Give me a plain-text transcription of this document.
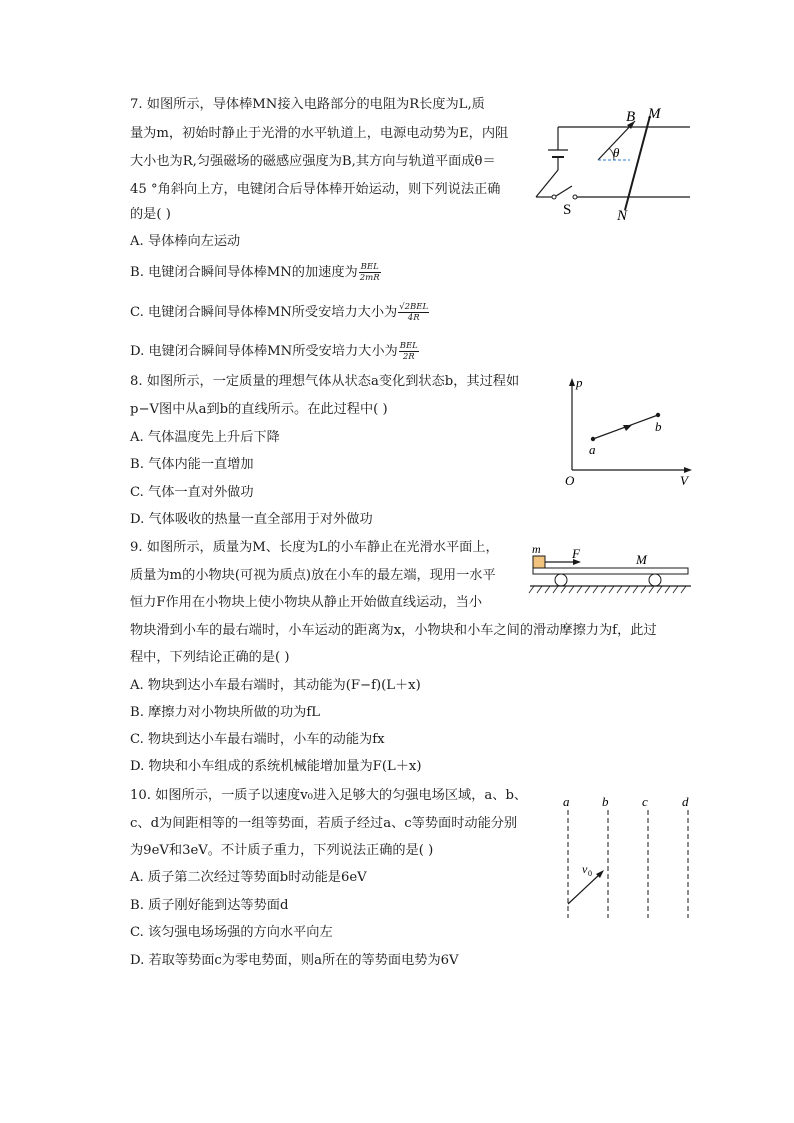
7. 如图所示，导体棒MN接入电路部分的电阻为R长度为L,质
量为m，初始时静止于光滑的水平轨道上，电源电动势为E，内阻
大小也为R,匀强磁场的磁感应强度为B,其方向与轨道平面成θ＝
45 °角斜向上方，电键闭合后导体棒开始运动，则下列说法正确
的是( )
A. 导体棒向左运动
B. 电键闭合瞬间导体棒MN的加速度为 $\frac{\text{BEL}}{2mR}$
C. 电键闭合瞬间导体棒MN所受安培力大小为 $\frac{\text{√2BEL}}{4R}$
D. 电键闭合瞬间导体棒MN所受安培力大小为 $\frac{\text{BEL}}{2R}$
B M
θ
S	N
8. 如图所示，一定质量的理想气体从状态a变化到状态b，其过程如
p−V图中从a到b的直线所示。在此过程中( )
A. 气体温度先上升后下降
B. 气体内能一直增加
C. 气体一直对外做功
D. 气体吸收的热量一直全部用于对外做功
p
V
O
a
b
9. 如图所示，质量为M、长度为L的小车静止在光滑水平面上，
质量为m的小物块(可视为质点)放在小车的最左端，现用一水平
恒力F作用在小物块上使小物块从静止开始做直线运动，当小
物块滑到小车的最右端时，小车运动的距离为x，小物块和小车之间的滑动摩擦力为f，此过
程中，下列结论正确的是( )
A. 物块到达小车最右端时，其动能为(F−f)(L＋x)
B. 摩擦力对小物块所做的功为fL
C. 物块到达小车最右端时，小车的动能为fx
D. 物块和小车组成的系统机械能增加量为F(L＋x)
m F	M
10. 如图所示，一质子以速度v₀进入足够大的匀强电场区域，a、b、
c、d为间距相等的一组等势面，若质子经过a、c等势面时动能分别
为9eV和3eV。不计质子重力，下列说法正确的是( )
A. 质子第二次经过等势面b时动能是6eV
B. 质子刚好能到达等势面d
C. 该匀强电场场强的方向水平向左
D. 若取等势面c为零电势面，则a所在的等势面电势为6V
a	b	c	d
v 0
